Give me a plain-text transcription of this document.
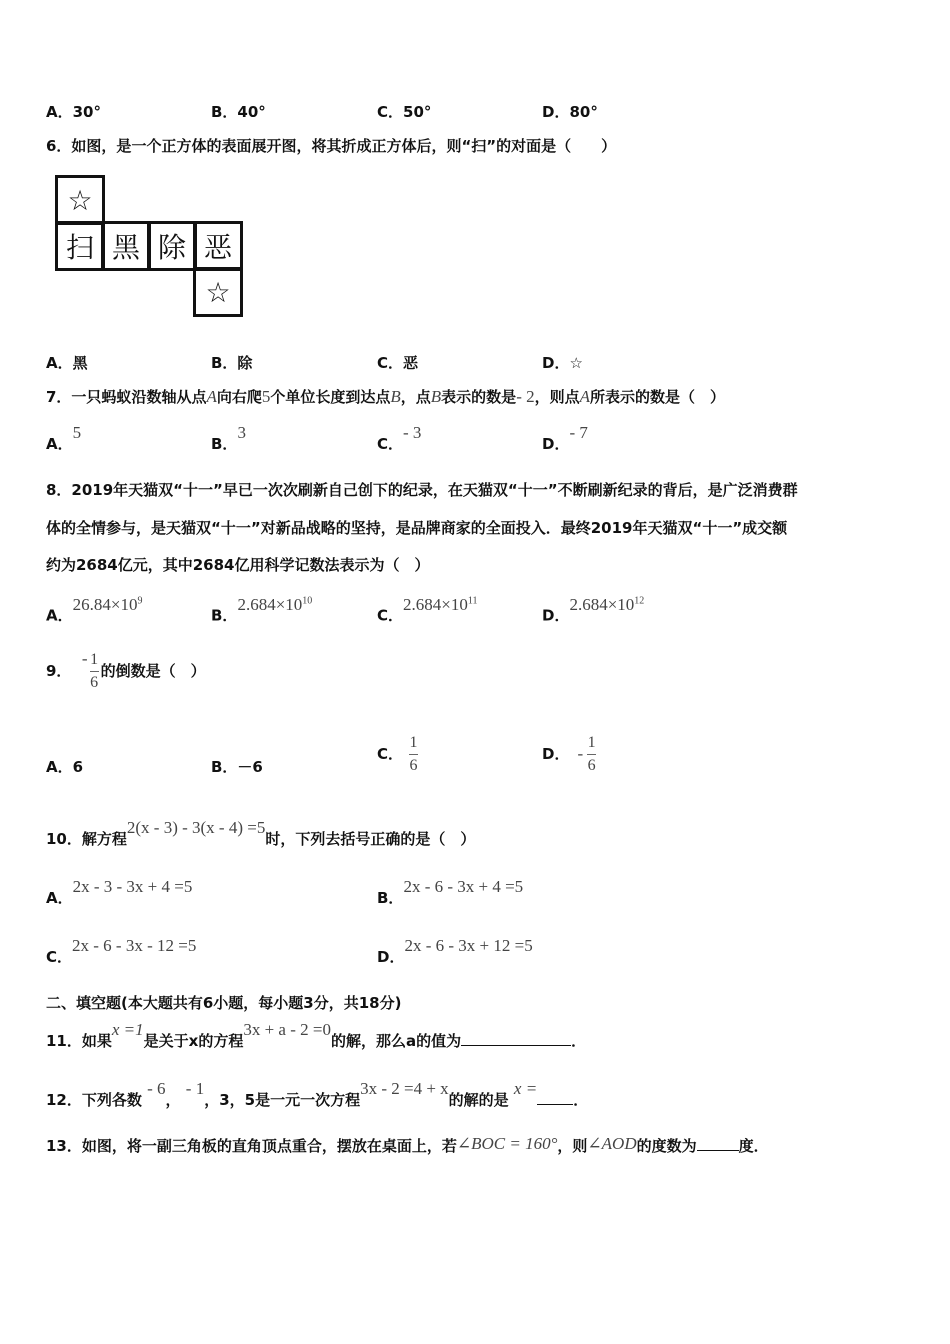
A．30°	B．40°	C．50°	D．80°
6．如图，是一个正方体的表面展开图，将其折成正方体后，则“扫”的对面是（　　）
☆
扫 黑 除 恶
☆
A．黑	B．除	C．恶	D．☆
7．一只蚂蚁沿数轴从点A向右爬5个单位长度到达点B，点B表示的数是- 2，则点A所表示的数是（　）
A．5
B．3
C．- 3
D．- 7
8．2019年天猫双“十一”早已一次次刷新自己创下的纪录，在天猫双“十一”不断刷新纪录的背后，是广泛消费群
体的全情参与，是天猫双“十一”对新品战略的坚持，是品牌商家的全面投入．最终2019年天猫双“十一”成交额
约为2684亿元，其中2684亿用科学记数法表示为（　）
A．$26.84\times 10^9$
B．$2.684\times 10^{10}$
C．$2.684\times 10^{11}$
D．$2.684\times 10^{12}$
9．  - $\frac{1}{6}$ 的倒数是（　）
A．6	B．－6
C． $\frac{1}{6}$	D． - $\frac{1}{6}$
10．解方程2(x - 3) - 3(x - 4) =5时，下列去括号正确的是（　）
A．2x - 3 - 3x + 4 =5
B．2x - 6 - 3x + 4 =5
C．2x - 6 - 3x - 12 =5
D．2x - 6 - 3x + 12 =5
二、填空题(本大题共有6小题，每小题3分，共18分)
11．如果x =1是关于x的方程3x + a - 2 =0的解，那么a的值为	．
12．下列各数 - 6， - 1，3，5是一元一次方程3x - 2 =4 + x的解的是 x =．
13．如图，将一副三角板的直角顶点重合，摆放在桌面上，若∠BOC = 160°，则∠AOD的度数为	度．
